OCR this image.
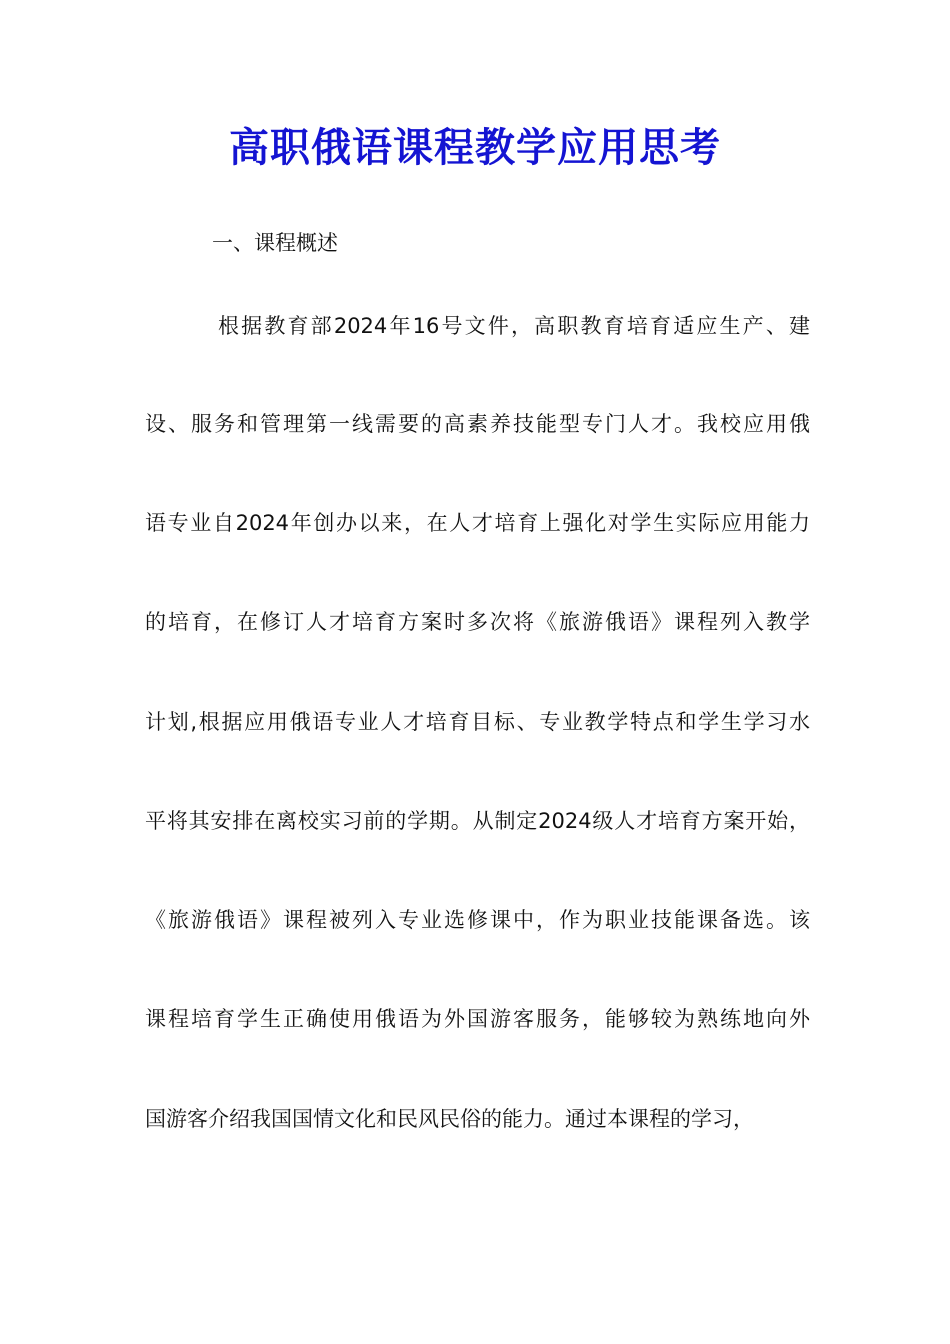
高职俄语课程教学应用思考
一、课程概述
根据教育部2024年16号文件，高职教育培育适应生产、建
设、服务和管理第一线需要的高素养技能型专门人才。我校应用俄
语专业自2024年创办以来，在人才培育上强化对学生实际应用能力
的培育，在修订人才培育方案时多次将《旅游俄语》课程列入教学
计划,根据应用俄语专业人才培育目标、专业教学特点和学生学习水
平将其安排在离校实习前的学期。从制定2024级人才培育方案开始，
《旅游俄语》课程被列入专业选修课中，作为职业技能课备选。该
课程培育学生正确使用俄语为外国游客服务，能够较为熟练地向外
国游客介绍我国国情文化和民风民俗的能力。通过本课程的学习，
